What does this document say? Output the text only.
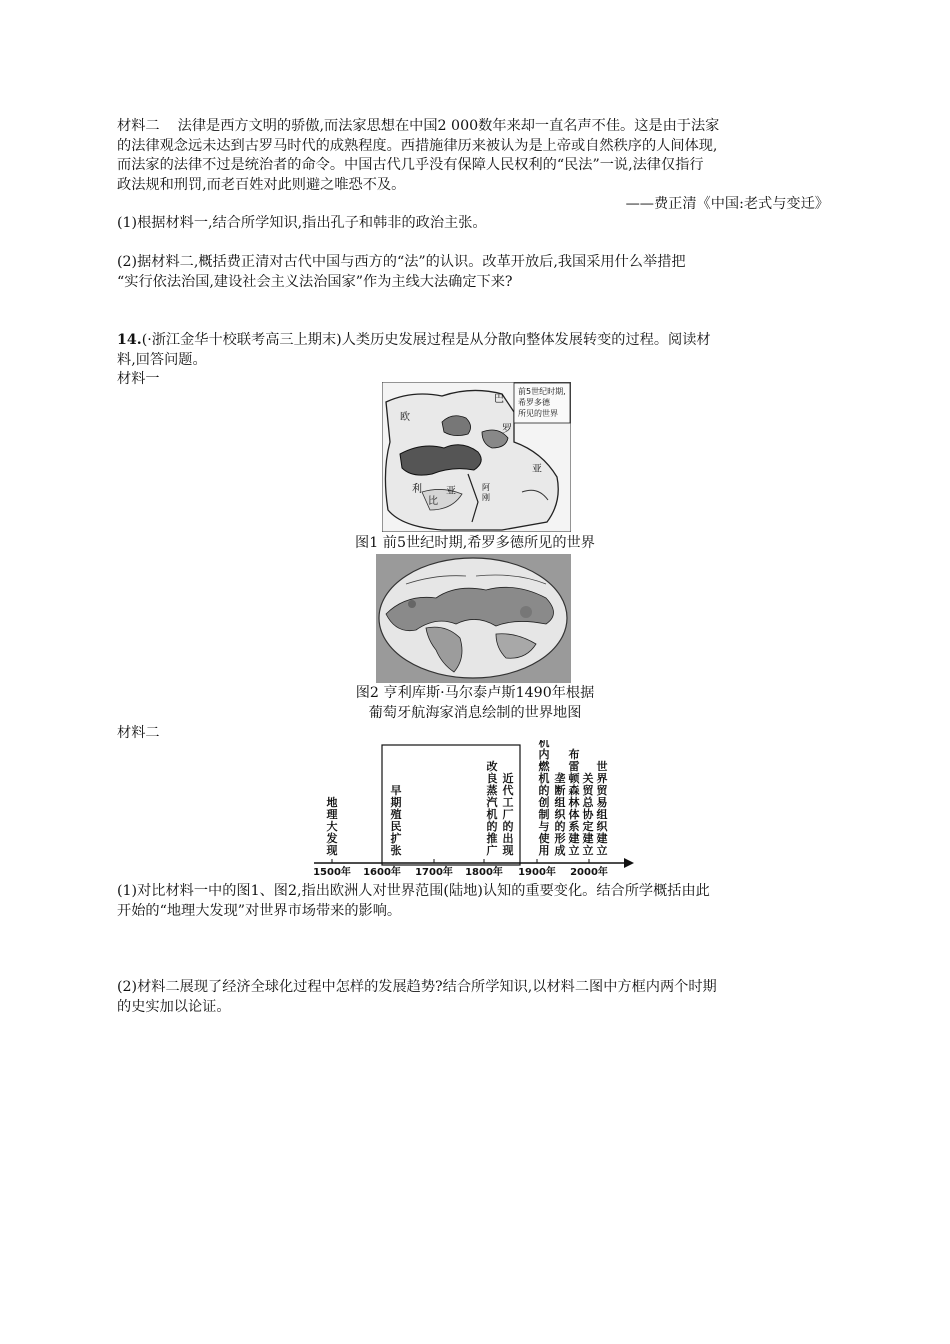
材料二 法律是西方文明的骄傲,而法家思想在中国2 000数年来却一直名声不佳。这是由于法家
的法律观念远未达到古罗马时代的成熟程度。西措施律历来被认为是上帝或自然秩序的人间体现,
而法家的法律不过是统治者的命令。中国古代几乎没有保障人民权利的“民法”一说,法律仅指行
政法规和刑罚,而老百姓对此则避之唯恐不及。
——费正清《中国:老式与变迁》
(1)根据材料一,结合所学知识,指出孔子和韩非的政治主张。
(2)据材料二,概括费正清对古代中国与西方的“法”的认识。改革开放后,我国采用什么举措把
“实行依法治国,建设社会主义法治国家”作为主线大法确定下来?
14.(·浙江金华十校联考高三上期末)人类历史发展过程是从分散向整体发展转变的过程。阅读材
料,回答问题。
材料一
前5世纪时期,
希罗多德
所见的世界
欧
巴
罗
亚
利
比
亚	阿
刚
图1 前5世纪时期,希罗多德所见的世界
图2 亨利库斯·马尔泰卢斯1490年根据
葡萄牙航海家消息绘制的世界地图
材料二
1500年 1600年 1700年 1800年 1900年 2000年
地理大发现
早期殖民扩张
改良蒸汽机的推广
近代工厂的出现
机内燃机的创制与使用
垄断组织的形成
布雷顿森林体系建立
关贸总协定建立
世界贸易组织建立
(1)对比材料一中的图1、图2,指出欧洲人对世界范围(陆地)认知的重要变化。结合所学概括由此
开始的“地理大发现”对世界市场带来的影响。
(2)材料二展现了经济全球化过程中怎样的发展趋势?结合所学知识,以材料二图中方框内两个时期
的史实加以论证。
